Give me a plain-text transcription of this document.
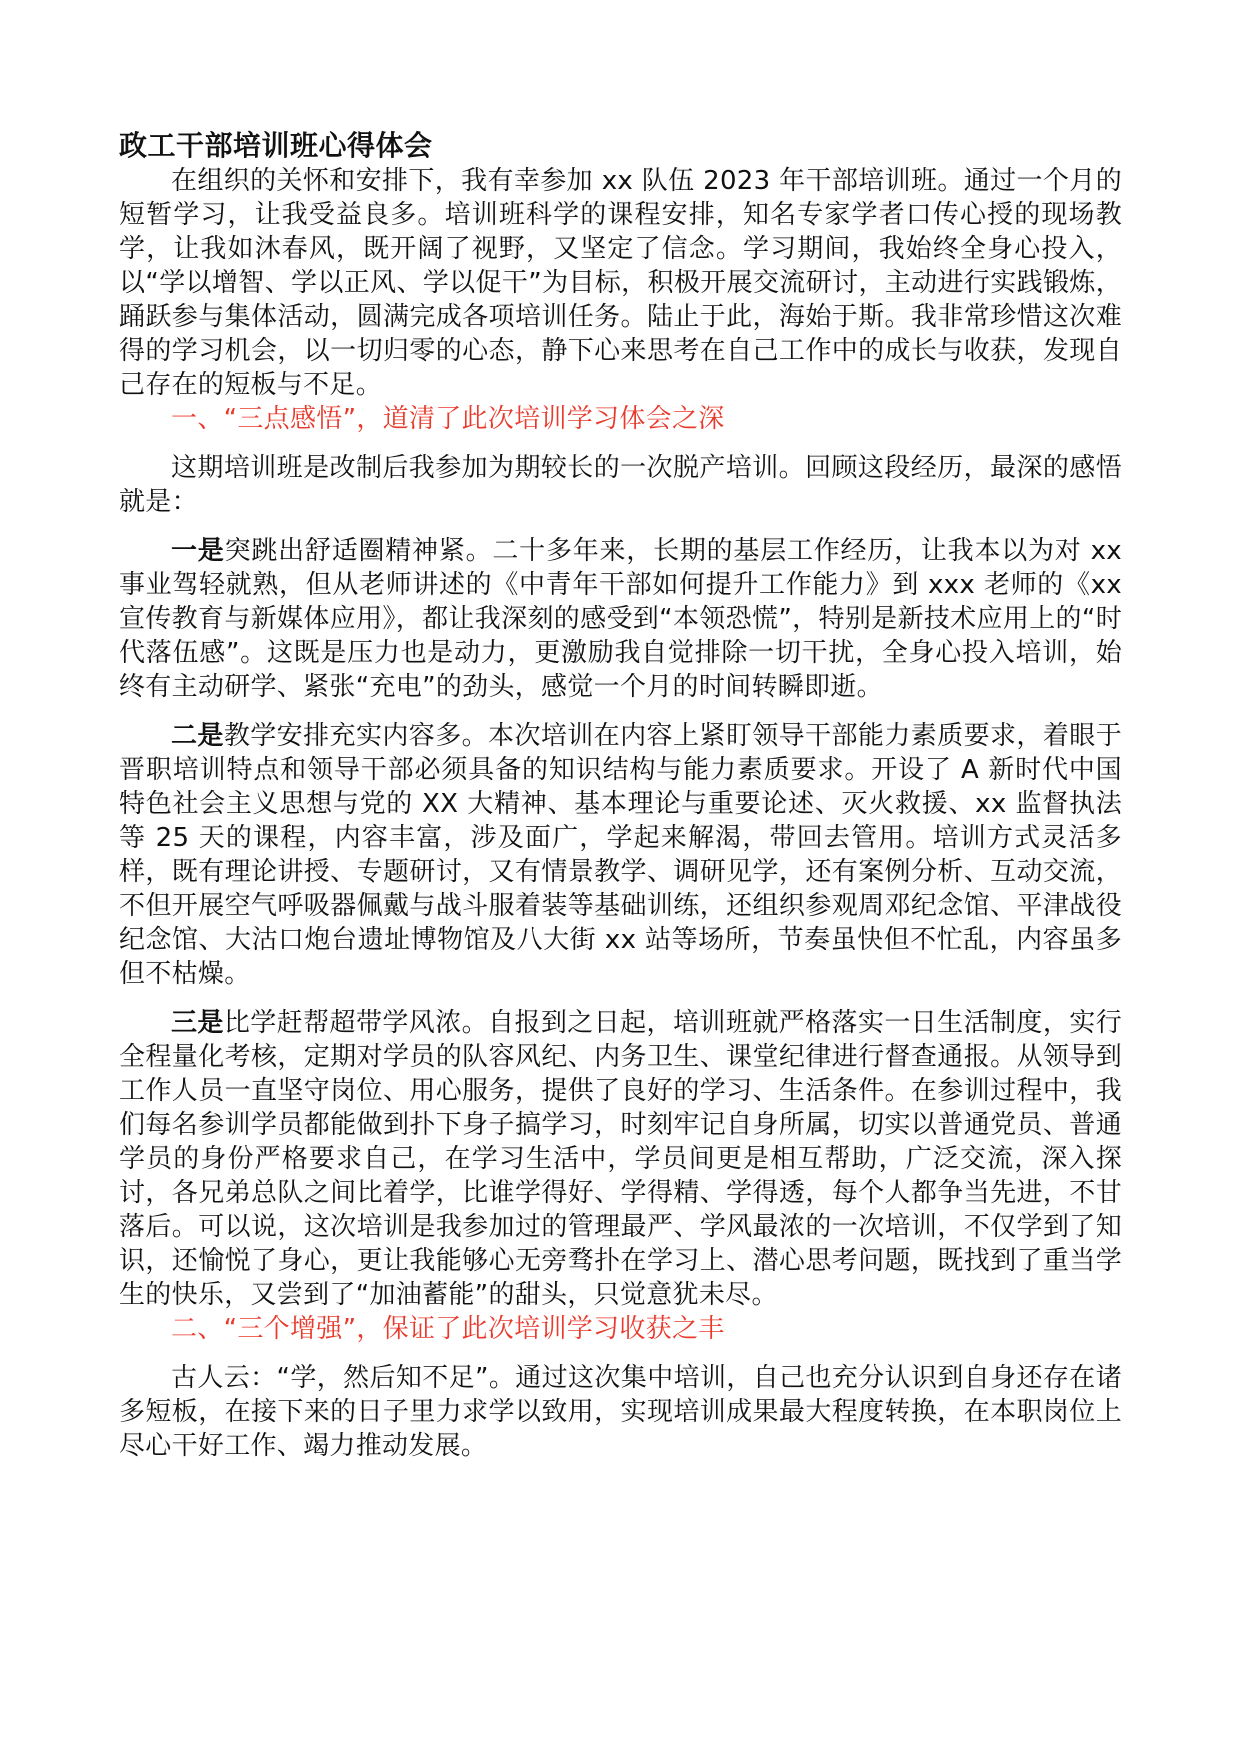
政工干部培训班心得体会

在组织的关怀和安排下，我有幸参加 xx 队伍 2023 年干部培训班。通过一个月的短暂学习，让我受益良多。培训班科学的课程安排，知名专家学者口传心授的现场教学，让我如沐春风，既开阔了视野，又坚定了信念。学习期间，我始终全身心投入，以“学以增智、学以正风、学以促干”为目标，积极开展交流研讨，主动进行实践锻炼，踊跃参与集体活动，圆满完成各项培训任务。陆止于此，海始于斯。我非常珍惜这次难得的学习机会，以一切归零的心态，静下心来思考在自己工作中的成长与收获，发现自己存在的短板与不足。

一、“三点感悟”，道清了此次培训学习体会之深

这期培训班是改制后我参加为期较长的一次脱产培训。回顾这段经历，最深的感悟就是：

一是突跳出舒适圈精神紧。二十多年来，长期的基层工作经历，让我本以为对 xx 事业驾轻就熟，但从老师讲述的《中青年干部如何提升工作能力》到 xxx 老师的《xx 宣传教育与新媒体应用》，都让我深刻的感受到“本领恐慌”，特别是新技术应用上的“时代落伍感”。这既是压力也是动力，更激励我自觉排除一切干扰，全身心投入培训，始终有主动研学、紧张“充电”的劲头，感觉一个月的时间转瞬即逝。

二是教学安排充实内容多。本次培训在内容上紧盯领导干部能力素质要求，着眼于晋职培训特点和领导干部必须具备的知识结构与能力素质要求。开设了 A 新时代中国特色社会主义思想与党的 XX 大精神、基本理论与重要论述、灭火救援、xx 监督执法等 25 天的课程，内容丰富，涉及面广，学起来解渴，带回去管用。培训方式灵活多样，既有理论讲授、专题研讨，又有情景教学、调研见学，还有案例分析、互动交流，不但开展空气呼吸器佩戴与战斗服着装等基础训练，还组织参观周邓纪念馆、平津战役纪念馆、大沽口炮台遗址博物馆及八大街 xx 站等场所，节奏虽快但不忙乱，内容虽多但不枯燥。

三是比学赶帮超带学风浓。自报到之日起，培训班就严格落实一日生活制度，实行全程量化考核，定期对学员的队容风纪、内务卫生、课堂纪律进行督查通报。从领导到工作人员一直坚守岗位、用心服务，提供了良好的学习、生活条件。在参训过程中，我们每名参训学员都能做到扑下身子搞学习，时刻牢记自身所属，切实以普通党员、普通学员的身份严格要求自己，在学习生活中，学员间更是相互帮助，广泛交流，深入探讨，各兄弟总队之间比着学，比谁学得好、学得精、学得透，每个人都争当先进，不甘落后。可以说，这次培训是我参加过的管理最严、学风最浓的一次培训，不仅学到了知识，还愉悦了身心，更让我能够心无旁骛扑在学习上、潜心思考问题，既找到了重当学生的快乐，又尝到了“加油蓄能”的甜头，只觉意犹未尽。

二、“三个增强”，保证了此次培训学习收获之丰

古人云：“学，然后知不足”。通过这次集中培训，自己也充分认识到自身还存在诸多短板，在接下来的日子里力求学以致用，实现培训成果最大程度转换，在本职岗位上尽心干好工作、竭力推动发展。
